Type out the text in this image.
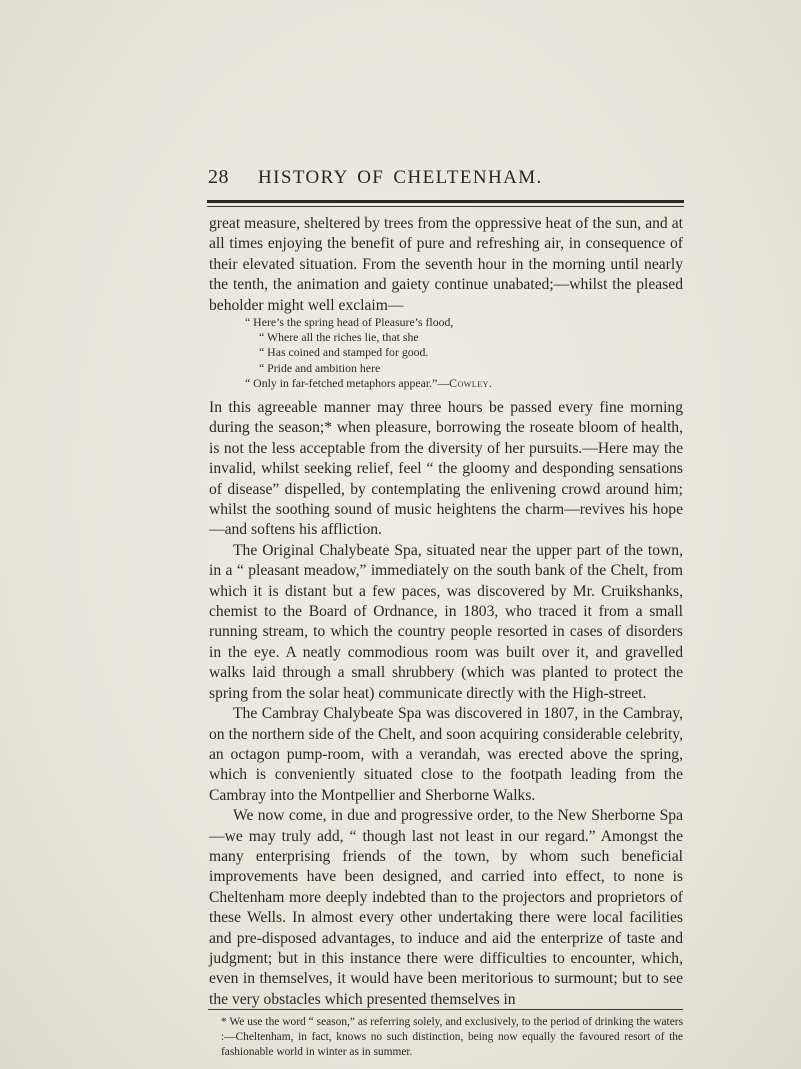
28 HISTORY OF CHELTENHAM.

great measure, sheltered by trees from the oppressive heat of the sun, and at all times enjoying the benefit of pure and refreshing air, in consequence of their elevated situation. From the seventh hour in the morning until nearly the tenth, the animation and gaiety continue unabated;—whilst the pleased beholder might well exclaim—

“ Here’s the spring head of Pleasure’s flood,
“ Where all the riches lie, that she
“ Has coined and stamped for good.
“ Pride and ambition here
“ Only in far-fetched metaphors appear.”—Cowley.

In this agreeable manner may three hours be passed every fine morning during the season;* when pleasure, borrowing the roseate bloom of health, is not the less acceptable from the diversity of her pursuits.—Here may the invalid, whilst seeking relief, feel “ the gloomy and desponding sensations of disease” dispelled, by contemplating the enlivening crowd around him; whilst the soothing sound of music heightens the charm—revives his hope—and softens his affliction.

The Original Chalybeate Spa, situated near the upper part of the town, in a “ pleasant meadow,” immediately on the south bank of the Chelt, from which it is distant but a few paces, was discovered by Mr. Cruikshanks, chemist to the Board of Ordnance, in 1803, who traced it from a small running stream, to which the country people resorted in cases of disorders in the eye. A neatly commodious room was built over it, and gravelled walks laid through a small shrubbery (which was planted to protect the spring from the solar heat) communicate directly with the High-street.

The Cambray Chalybeate Spa was discovered in 1807, in the Cambray, on the northern side of the Chelt, and soon acquiring considerable celebrity, an octagon pump-room, with a verandah, was erected above the spring, which is conveniently situated close to the footpath leading from the Cambray into the Montpellier and Sherborne Walks.

We now come, in due and progressive order, to the New Sherborne Spa—we may truly add, “ though last not least in our regard.” Amongst the many enterprising friends of the town, by whom such beneficial improvements have been designed, and carried into effect, to none is Cheltenham more deeply indebted than to the projectors and proprietors of these Wells. In almost every other undertaking there were local facilities and pre-disposed advantages, to induce and aid the enterprize of taste and judgment; but in this instance there were difficulties to encounter, which, even in themselves, it would have been meritorious to surmount; but to see the very obstacles which presented themselves in

* We use the word “ season,” as referring solely, and exclusively, to the period of drinking the waters :—Cheltenham, in fact, knows no such distinction, being now equally the favoured resort of the fashionable world in winter as in summer.
